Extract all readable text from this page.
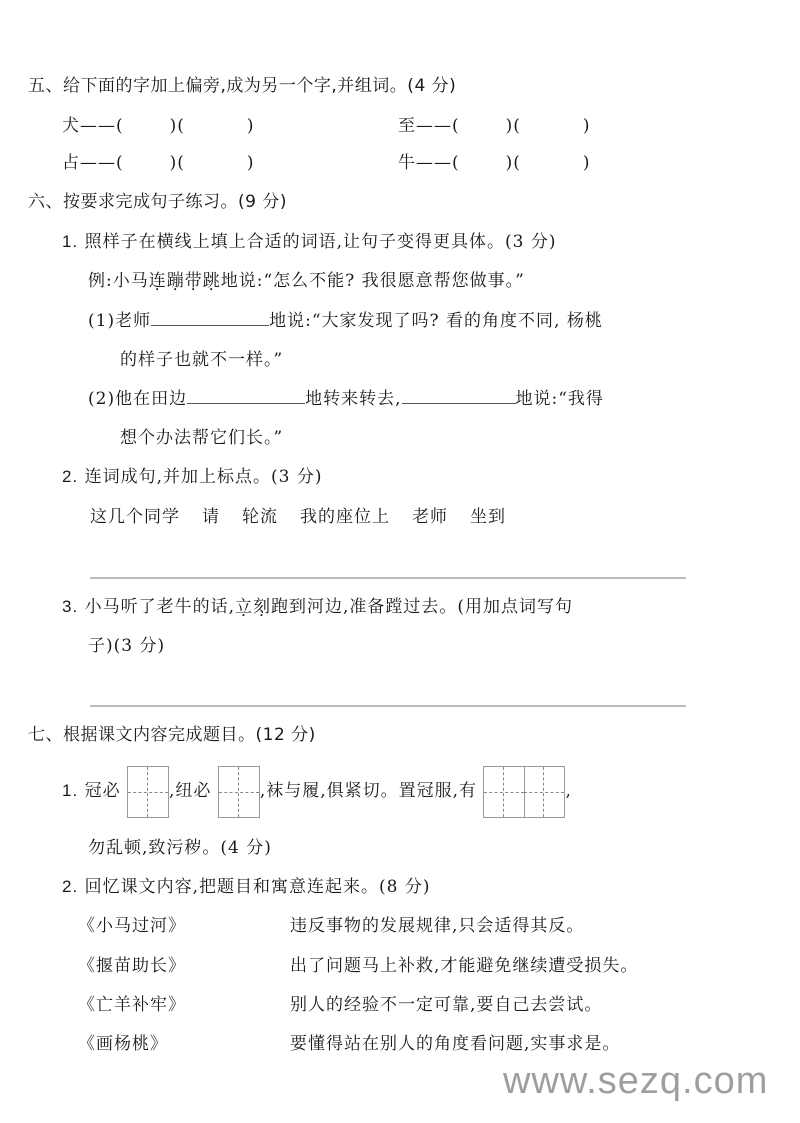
五、给下面的字加上偏旁,成为另一个字,并组词。(4 分)
犬——(	)(	)	至——(	)(	)
占——(	)(	)	牛——(	)(	)
六、按要求完成句子练习。(9 分)
1. 照样子在横线上填上合适的词语,让句子变得更具体。(3 分)
例:小马连蹦带跳地说:“怎么不能? 我很愿意帮您做事。”
(1)老师	地说:“大家发现了吗? 看的角度不同, 杨桃
的样子也就不一样。”
(2)他在田边	地转来转去,	地说:“我得
想个办法帮它们长。”
2. 连词成句,并加上标点。(3 分)
这几个同学 请 轮流 我的座位上 老师 坐到
3. 小马听了老牛的话,立刻跑到河边,准备蹚过去。(用加点词写句
子)(3 分)
七、根据课文内容完成题目。(12 分)
1. 冠必	,纽必	,袜与履,俱紧切。置冠服,有	,
勿乱顿,致污秽。(4 分)
2. 回忆课文内容,把题目和寓意连起来。(8 分)
《小马过河》	违反事物的发展规律,只会适得其反。
《揠苗助长》	出了问题马上补救,才能避免继续遭受损失。
《亡羊补牢》	别人的经验不一定可靠,要自己去尝试。
《画杨桃》	要懂得站在别人的角度看问题,实事求是。
www.sezq.com
